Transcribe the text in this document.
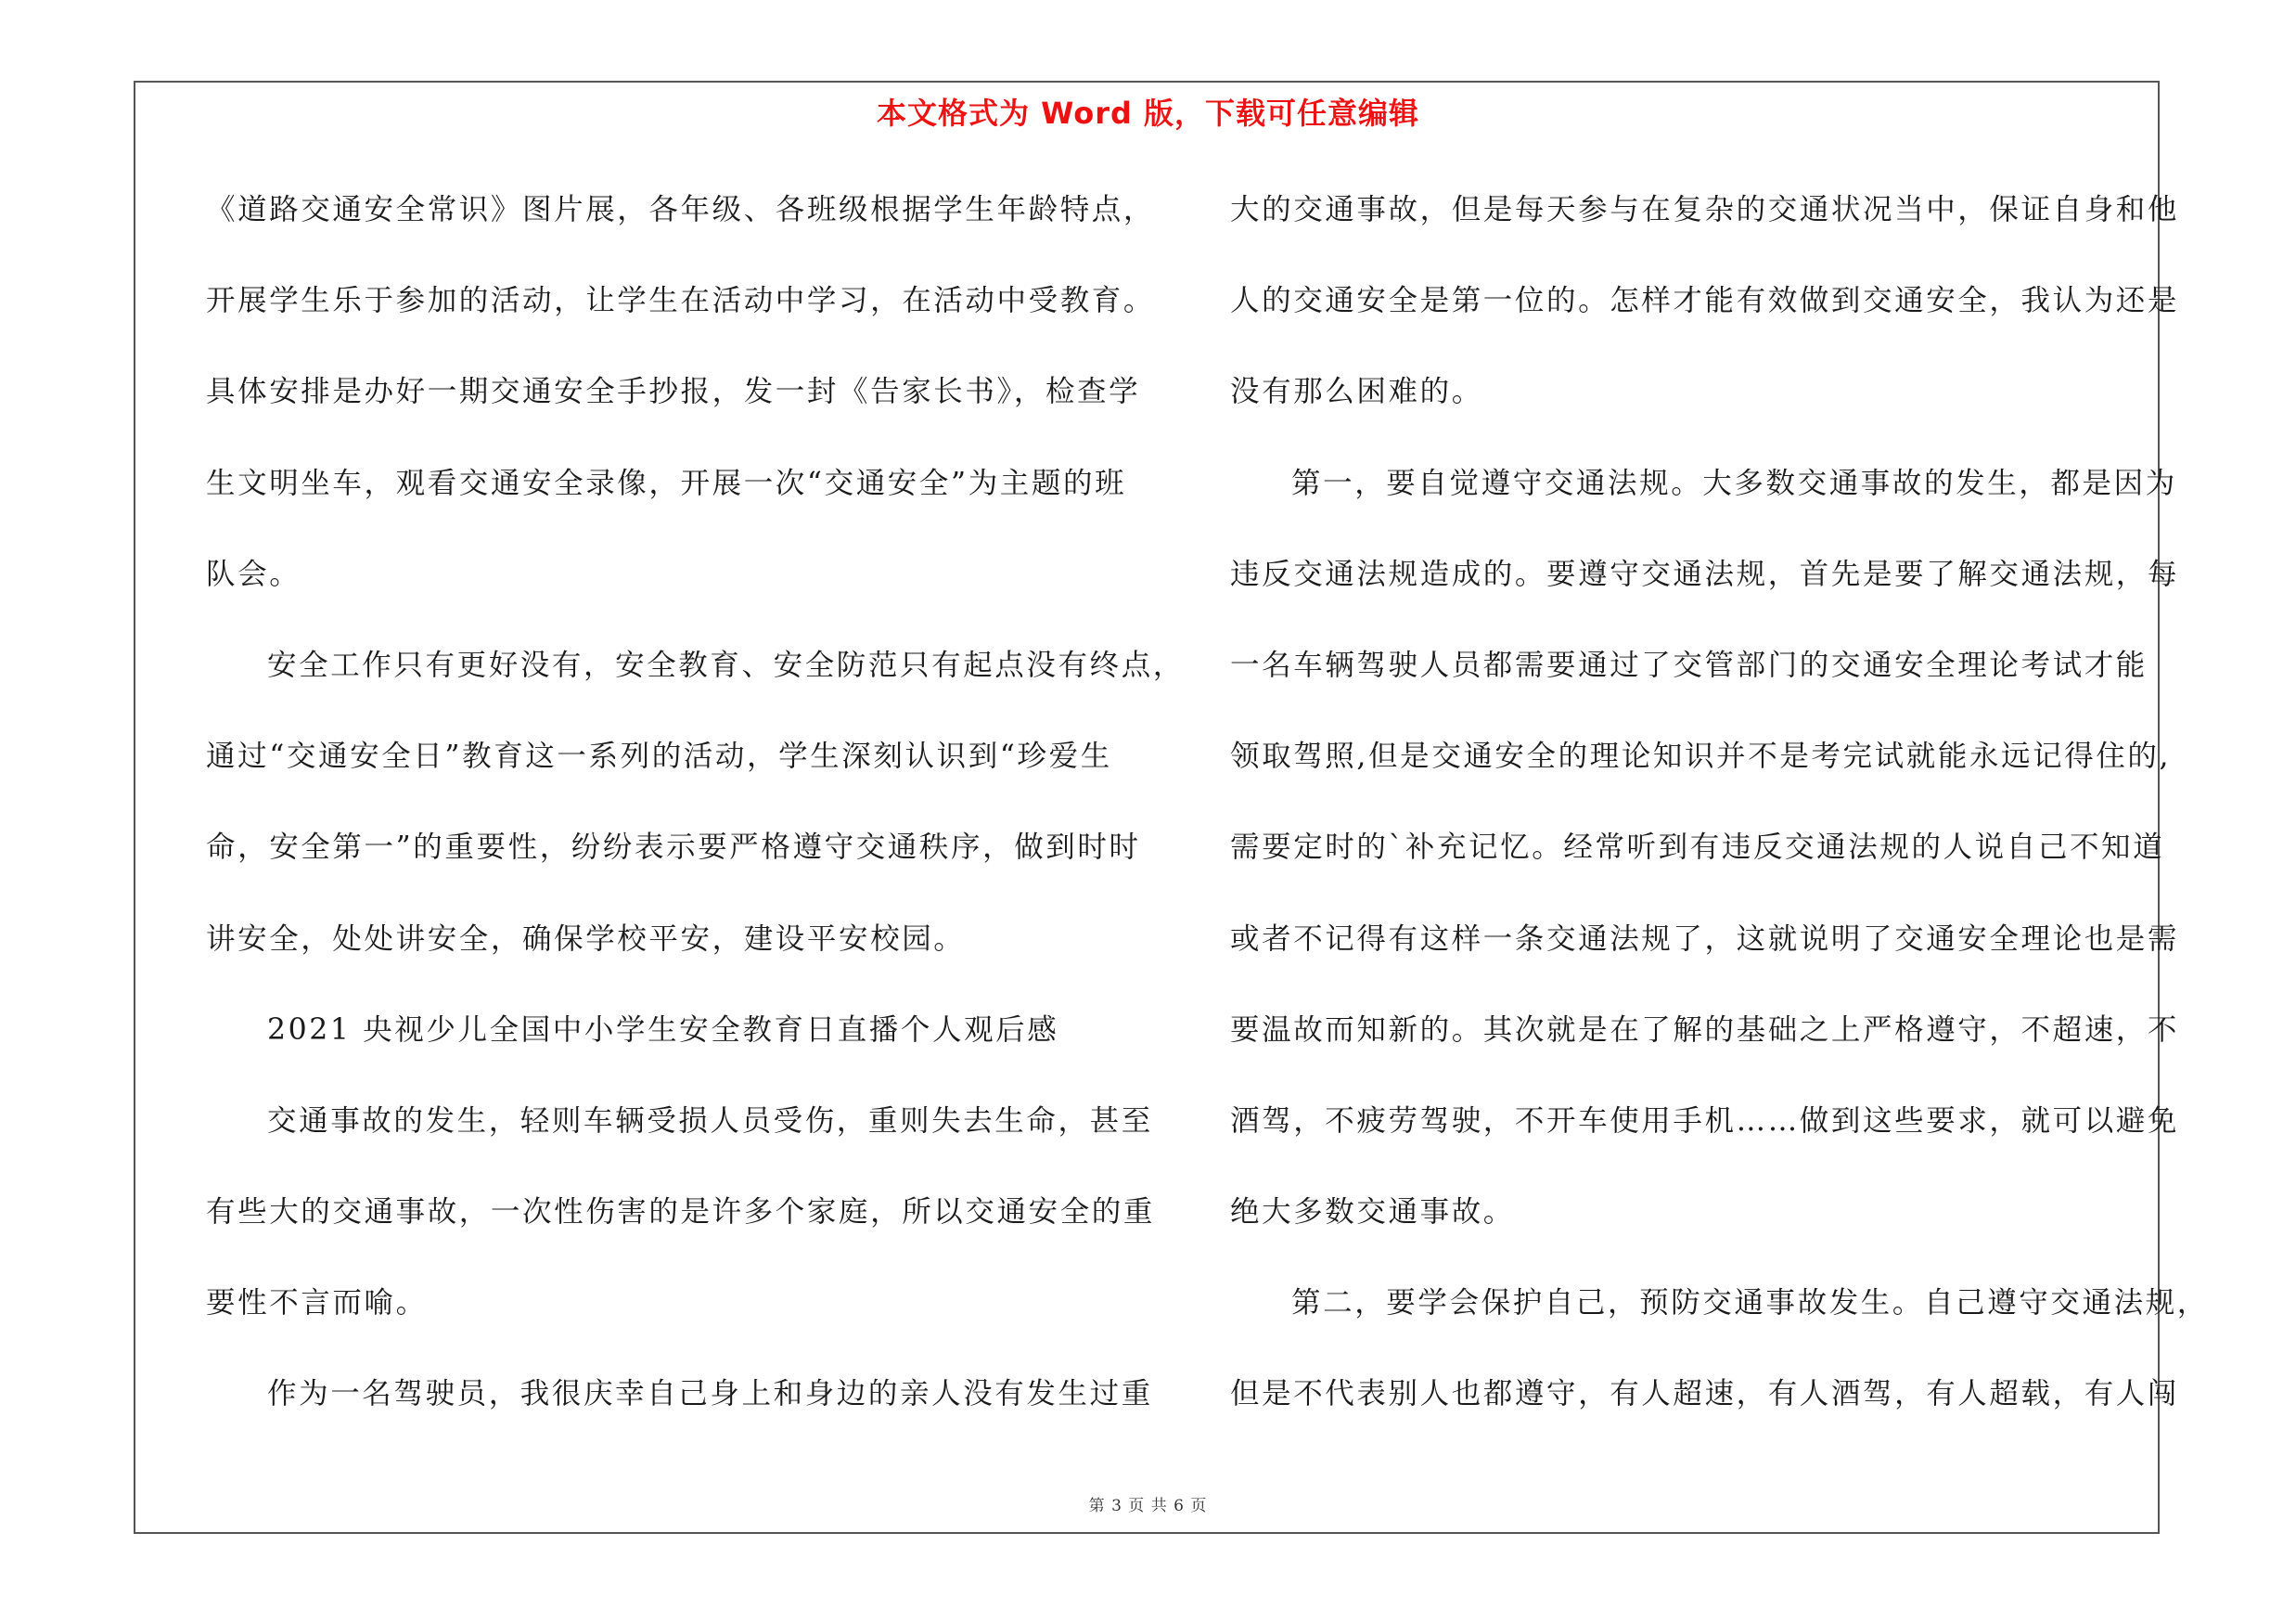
本文格式为 Word 版，下载可任意编辑
《道路交通安全常识》图片展，各年级、各班级根据学生年龄特点，
开展学生乐于参加的活动，让学生在活动中学习，在活动中受教育。
具体安排是办好一期交通安全手抄报，发一封《告家长书》，检查学
生文明坐车，观看交通安全录像，开展一次“交通安全”为主题的班
队会。
安全工作只有更好没有，安全教育、安全防范只有起点没有终点，
通过“交通安全日”教育这一系列的活动，学生深刻认识到“珍爱生
命，安全第一”的重要性，纷纷表示要严格遵守交通秩序，做到时时
讲安全，处处讲安全，确保学校平安，建设平安校园。
2021 央视少儿全国中小学生安全教育日直播个人观后感
交通事故的发生，轻则车辆受损人员受伤，重则失去生命，甚至
有些大的交通事故，一次性伤害的是许多个家庭，所以交通安全的重
要性不言而喻。
作为一名驾驶员，我很庆幸自己身上和身边的亲人没有发生过重
大的交通事故，但是每天参与在复杂的交通状况当中，保证自身和他
人的交通安全是第一位的。怎样才能有效做到交通安全，我认为还是
没有那么困难的。
第一，要自觉遵守交通法规。大多数交通事故的发生，都是因为
违反交通法规造成的。要遵守交通法规，首先是要了解交通法规，每
一名车辆驾驶人员都需要通过了交管部门的交通安全理论考试才能
领取驾照,但是交通安全的理论知识并不是考完试就能永远记得住的,
需要定时的`补充记忆。经常听到有违反交通法规的人说自己不知道
或者不记得有这样一条交通法规了，这就说明了交通安全理论也是需
要温故而知新的。其次就是在了解的基础之上严格遵守，不超速，不
酒驾，不疲劳驾驶，不开车使用手机……做到这些要求，就可以避免
绝大多数交通事故。
第二，要学会保护自己，预防交通事故发生。自己遵守交通法规，
但是不代表别人也都遵守，有人超速，有人酒驾，有人超载，有人闯
第 3 页 共 6 页
